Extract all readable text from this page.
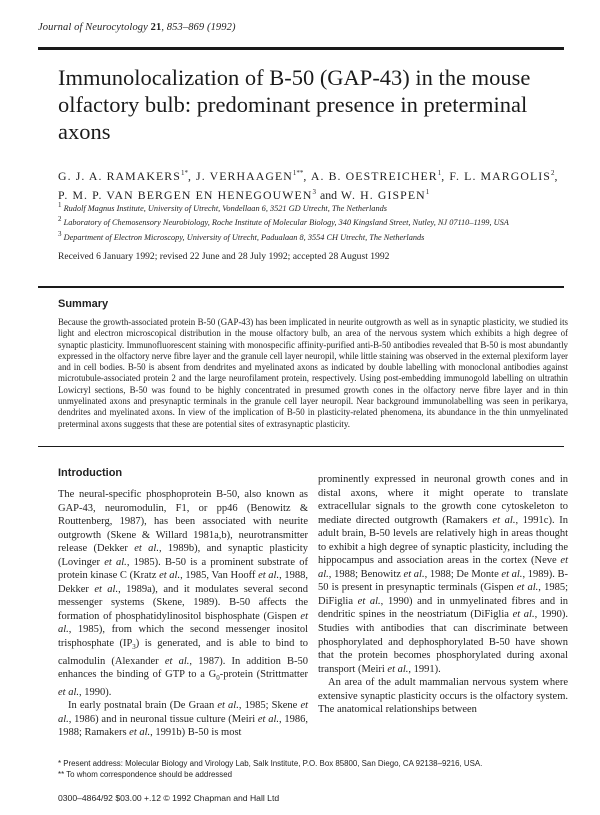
Journal of Neurocytology 21, 853–869 (1992)
Immunolocalization of B-50 (GAP-43) in the mouse olfactory bulb: predominant presence in preterminal axons
G. J. A. $RAMAKERS^{1*}$, J. $VERHAAGEN^{1**}$, A. B. OESTREICHER$^1$, F. L. MARGOLIS$^2$,
P. M. P. VAN BERGEN EN HENEGOUWEN$^3$ and W. H. GISPEN$^1$
$^1$ Rudolf Magnus Institute, University of Utrecht, Vondellaan 6, 3521 GD Utrecht, The Netherlands
$^2$ Laboratory of Chemosensory Neurobiology, Roche Institute of Molecular Biology, 340 Kingsland Street, Nutley, NJ 07110–1199, USA
$^3$ Department of Electron Microscopy, University of Utrecht, Padualaan 8, 3554 CH Utrecht, The Netherlands
Received 6 January 1992; revised 22 June and 28 July 1992; accepted 28 August 1992
Summary
Because the growth-associated protein B-50 (GAP-43) has been implicated in neurite outgrowth as well as in synaptic plasticity, we studied its light and electron microscopical distribution in the mouse olfactory bulb, an area of the nervous system which exhibits a high degree of synaptic plasticity. Immunofluorescent staining with monospecific affinity-purified anti-B-50 antibodies revealed that B-50 is most abundantly expressed in the olfactory nerve fibre layer and the granule cell layer neuropil, while little staining was observed in the external plexiform layer and in cell bodies. B-50 is absent from dendrites and myelinated axons as indicated by double labelling with monoclonal antibodies against microtubule-associated protein 2 and the large neurofilament protein, respectively. Using post-embedding immunogold labelling on ultrathin Lowicryl sections, B-50 was found to be highly concentrated in presumed growth cones in the olfactory nerve fibre layer and in thin unmyelinated axons and presynaptic terminals in the granule cell layer neuropil. Near background immunolabelling was seen in perikarya, dendrites and myelinated axons. In view of the implication of B-50 in plasticity-related phenomena, its abundance in the thin unmyelinated preterminal axons suggests that these are potential sites of extrasynaptic plasticity.
Introduction

The neural-specific phosphoprotein B-50, also known as GAP-43, neuromodulin, F1, or pp46 (Benowitz & Routtenberg, 1987), has been associated with neurite outgrowth (Skene & Willard 1981a,b), neurotransmitter release (Dekker et al., 1989b), and synaptic plasticity (Lovinger et al., 1985). B-50 is a prominent substrate of protein kinase C (Kratz et al., 1985, Van Hooff et al., 1988, Dekker et al., 1989a), and it modulates several second messenger systems (Skene, 1989). B-50 affects the formation of phosphatidylinositol bisphosphate (Gispen et al., 1985), from which the second messenger inositol trisphosphate $(IP_3)$ is generated, and is able to bind to calmodulin (Alexander et al., 1987). In addition B-50 enhances the binding of GTP to a $G_0$-protein (Strittmatter et al., 1990).

In early postnatal brain (De Graan et al., 1985; Skene et al., 1986) and in neuronal tissue culture (Meiri et al., 1986, 1988; Ramakers et al., 1991b) B-50 is most

prominently expressed in neuronal growth cones and in distal axons, where it might operate to translate extracellular signals to the growth cone cytoskeleton to mediate directed outgrowth (Ramakers et al., 1991c). In adult brain, B-50 levels are relatively high in areas thought to exhibit a high degree of synaptic plasticity, including the hippocampus and association areas in the cortex (Neve et al., 1988; Benowitz et al., 1988; De Monte et al., 1989). B-50 is present in presynaptic terminals (Gispen et al., 1985; DiFiglia et al., 1990) and in unmyelinated fibres and in dendritic spines in the neostriatum (DiFiglia et al., 1990). Studies with antibodies that can discriminate between phosphorylated and dephosphorylated B-50 have shown that the protein becomes phosphorylated during axonal transport (Meiri et al., 1991).

An area of the adult mammalian nervous system where extensive synaptic plasticity occurs is the olfactory system. The anatomical relationships between

* Present address: Molecular Biology and Virology Lab, Salk Institute, P.O. Box 85800, San Diego, CA 92138–9216, USA.
** To whom correspondence should be addressed
0300–4864/92 $03.00 +.12 © 1992 Chapman and Hall Ltd
